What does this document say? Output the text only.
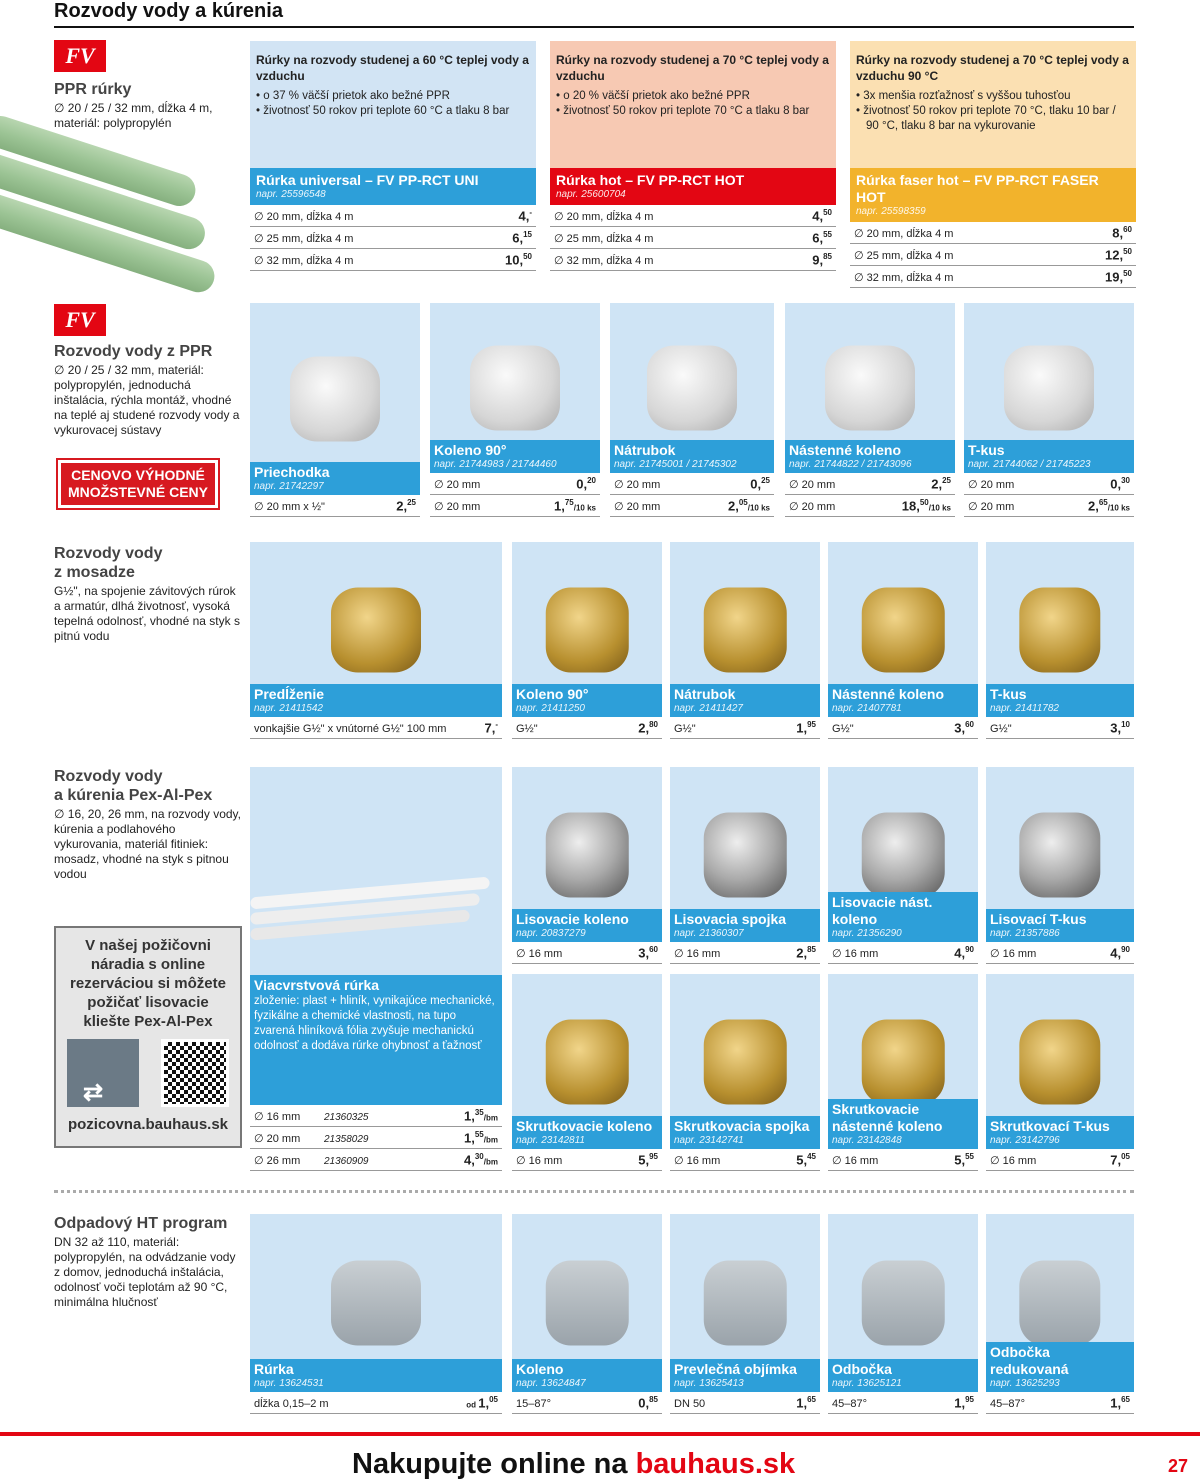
Rozvody vody a kúrenia
FV
PPR rúrky

∅ 20 / 25 / 32 mm, dĺžka 4 m, materiál: polypropylén

Rúrky na rozvody studenej a 60 °C teplej vody a vzduchu
• o 37 % väčší prietok ako bežné PPR
• životnosť 50 rokov pri teplote 60 °C a tlaku 8 bar
Rúrka universal – FV PP-RCT UNI
napr. 25596548
∅ 20 mm, dĺžka 4 m	4,-
∅ 25 mm, dĺžka 4 m	6,15
∅ 32 mm, dĺžka 4 m	10,50
Rúrky na rozvody studenej a 70 °C teplej vody a vzduchu
• o 20 % väčší prietok ako bežné PPR
• životnosť 50 rokov pri teplote 70 °C a tlaku 8 bar
Rúrka hot – FV PP-RCT HOT
napr. 25600704
∅ 20 mm, dĺžka 4 m	4,50
∅ 25 mm, dĺžka 4 m	6,55
∅ 32 mm, dĺžka 4 m	9,85
Rúrky na rozvody studenej a 70 °C teplej vody a vzduchu 90 °C
• 3x menšia rozťažnosť s vyššou tuhosťou
• životnosť 50 rokov pri teplote 70 °C, tlaku 10 bar / 90 °C, tlaku 8 bar na vykurovanie
Rúrka faser hot – FV PP-RCT FASER HOT
napr. 25598359
∅ 20 mm, dĺžka 4 m	8,60
∅ 25 mm, dĺžka 4 m	12,50
∅ 32 mm, dĺžka 4 m	19,50
FV
Rozvody vody z PPR

∅ 20 / 25 / 32 mm, materiál: polypropylén, jednoduchá inštalácia, rýchla montáž, vhodné na teplé aj studené rozvody vody a vykurovacej sústavy

CENOVO VÝHODNÉ
MNOŽSTEVNÉ CENY
Priechodka
napr. 21742297
∅ 20 mm x ½"	2,25
Koleno 90°
napr. 21744983 / 21744460
∅ 20 mm	0,20
∅ 20 mm	1,75/10 ks
Nátrubok
napr. 21745001 / 21745302
∅ 20 mm	0,25
∅ 20 mm	2,05/10 ks
Nástenné koleno
napr. 21744822 / 21743096
∅ 20 mm	2,25
∅ 20 mm	18,50/10 ks
T-kus
napr. 21744062 / 21745223
∅ 20 mm	0,30
∅ 20 mm	2,65/10 ks
Rozvody vody
z mosadze

G½", na spojenie závitových rúrok a armatúr, dlhá životnosť, vysoká tepelná odolnosť, vhodné na styk s pitnú vodu

Predĺženie
napr. 21411542
vonkajšie G½" x vnútorné G½" 100 mm	7,-
Koleno 90°
napr. 21411250
G½"	2,80
Nátrubok
napr. 21411427
G½"	1,95
Nástenné koleno
napr. 21407781
G½"	3,60
T-kus
napr. 21411782
G½"	3,10
Rozvody vody
a kúrenia Pex-Al-Pex

∅ 16, 20, 26 mm, na rozvody vody, kúrenia a podlahového vykurovania, materiál fitiniek: mosadz, vhodné na styk s pitnou vodou

V našej požičovni náradia s online rezerváciou si môžete požičať lisovacie kliešte Pex-Al-Pex
⇄
pozicovna.bauhaus.sk
Viacvrstvová rúrka
zloženie: plast + hliník, vynikajúce mechanické, fyzikálne a chemické vlastnosti, na tupo zvarená hliníková fólia zvyšuje mechanickú odolnosť a dodáva rúrke ohybnosť a ťažnosť
∅ 16 mm	21360325	1,35/bm
∅ 20 mm	21358029	1,55/bm
∅ 26 mm	21360909	4,30/bm
Lisovacie koleno
napr. 20837279
∅ 16 mm	3,60
Lisovacia spojka
napr. 21360307
∅ 16 mm	2,85
Lisovacie nást. koleno
napr. 21356290
∅ 16 mm	4,90
Lisovací T-kus
napr. 21357886
∅ 16 mm	4,90
Skrutkovacie koleno
napr. 23142811
∅ 16 mm	5,95
Skrutkovacia spojka
napr. 23142741
∅ 16 mm	5,45
Skrutkovacie nástenné koleno
napr. 23142848
∅ 16 mm	5,55
Skrutkovací T-kus
napr. 23142796
∅ 16 mm	7,05
Odpadový HT program

DN 32 až 110, materiál: polypropylén, na odvádzanie vody z domov, jednoduchá inštalácia, odolnosť voči teplotám až 90 °C, minimálna hlučnosť

Rúrka
napr. 13624531
dĺžka 0,15–2 m	od 1,05
Koleno
napr. 13624847
15–87°	0,85
Prevlečná objímka
napr. 13625413
DN 50	1,65
Odbočka
napr. 13625121
45–87°	1,95
Odbočka redukovaná
napr. 13625293
45–87°	1,65
Nakupujte online na bauhaus.sk	27
